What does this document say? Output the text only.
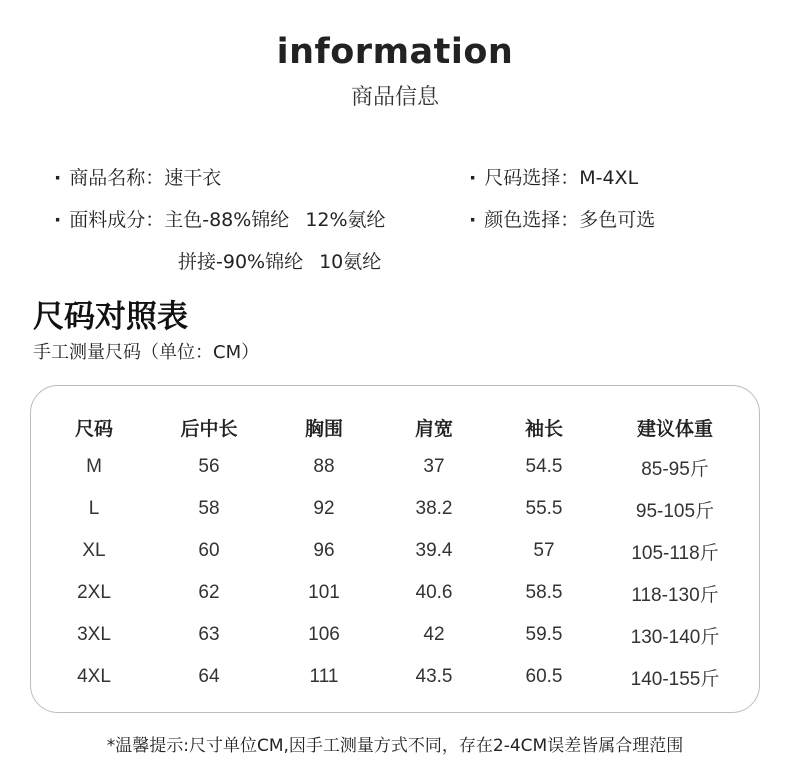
information
商品信息
· 商品名称：速干衣
· 面料成分：主色-88%锦纶 12%氨纶
拼接-90%锦纶 10氨纶
· 尺码选择：M-4XL
· 颜色选择：多色可选
尺码对照表
手工测量尺码（单位：CM）
尺码	后中长	胸围	肩宽	袖长	建议体重
M	56	88	37	54.5	85-95斤
L	58	92	38.2	55.5	95-105斤
XL	60	96	39.4	57	105-118斤
2XL	62	101	40.6	58.5	118-130斤
3XL	63	106	42	59.5	130-140斤
4XL	64	111	43.5	60.5	140-155斤
*温馨提示:尺寸单位CM,因手工测量方式不同，存在2-4CM误差皆属合理范围
